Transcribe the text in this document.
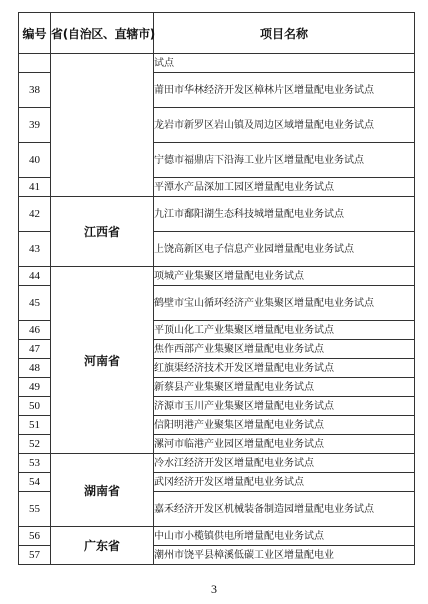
编号	省(自治区、直辖市)	项目名称
		试点
38		莆田市华林经济开发区樟林片区增量配电业务试点
39		龙岩市新罗区岩山镇及周边区域增量配电业务试点
40		宁德市福鼎店下沿海工业片区增量配电业务试点
41		平潭水产品深加工园区增量配电业务试点
42	江西省	九江市鄱阳湖生态科技城增量配电业务试点
43		上饶高新区电子信息产业园增量配电业务试点
44	河南省	项城产业集聚区增量配电业务试点
45		鹤壁市宝山循环经济产业集聚区增量配电业务试点
46		平顶山化工产业集聚区增量配电业务试点
47		焦作西部产业集聚区增量配电业务试点
48		红旗渠经济技术开发区增量配电业务试点
49		新蔡县产业集聚区增量配电业务试点
50		济源市玉川产业集聚区增量配电业务试点
51		信阳明港产业聚集区增量配电业务试点
52		漯河市临港产业园区增量配电业务试点
53	湖南省	冷水江经济开发区增量配电业务试点
54		武冈经济开发区增量配电业务试点
55		嘉禾经济开发区机械装备制造园增量配电业务试点
56	广东省	中山市小榄镇供电所增量配电业务试点
57		潮州市饶平县樟溪低碳工业区增量配电业
3
